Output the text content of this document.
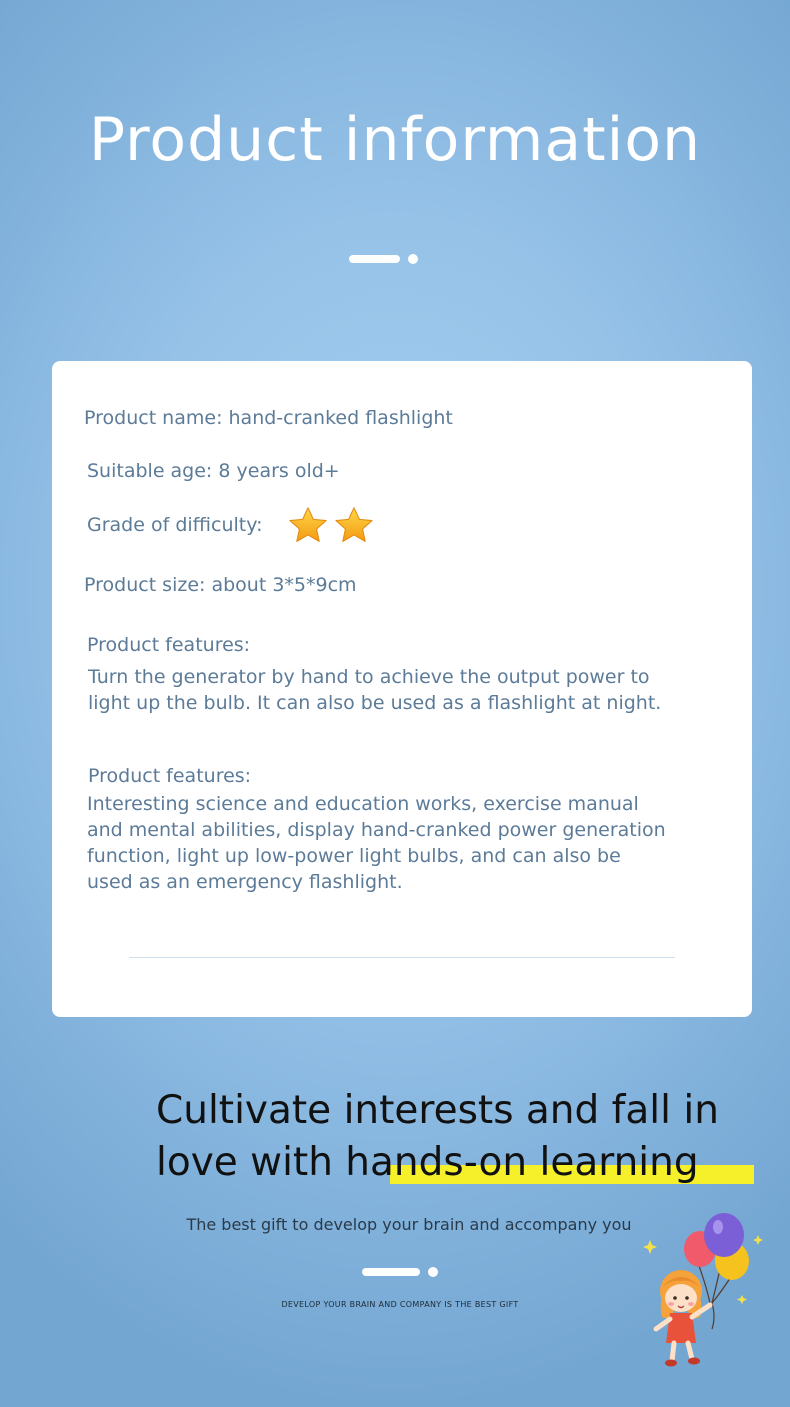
Product information

Product name: hand-cranked flashlight

Suitable age: 8 years old+

Grade of difficulty:

Product size: about 3*5*9cm

Product features:

Turn the generator by hand to achieve the output power to light up the bulb. It can also be used as a flashlight at night.

Product features:

Interesting science and education works, exercise manual and mental abilities, display hand-cranked power generation function, light up low-power light bulbs, and can also be used as an emergency flashlight.

Cultivate interests and fall in
love with hands-on learning

The best gift to develop your brain and accompany you

DEVELOP YOUR BRAIN AND COMPANY IS THE BEST GIFT
